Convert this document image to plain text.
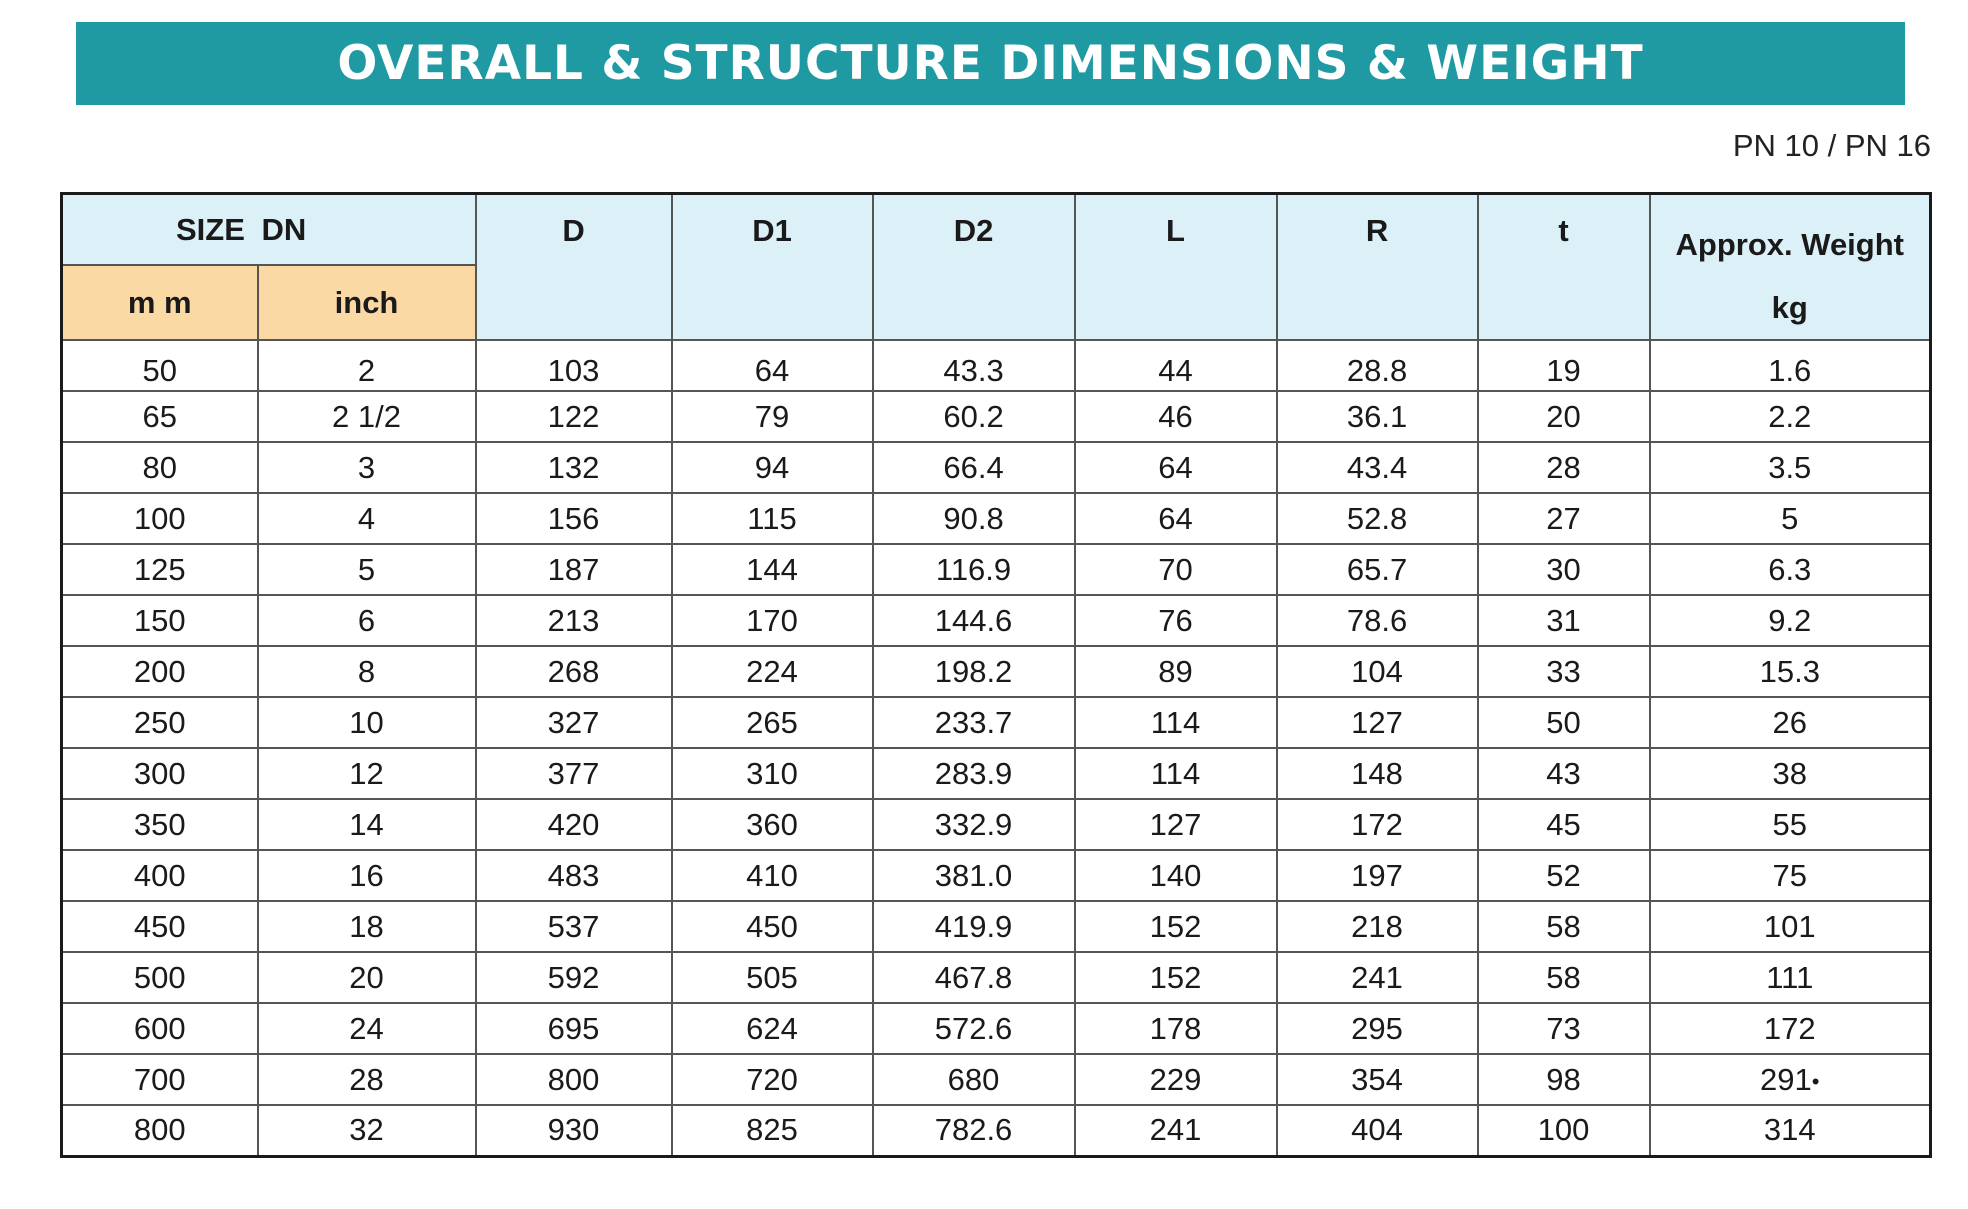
OVERALL & STRUCTURE DIMENSIONS & WEIGHT
PN 10 / PN 16
SIZE DN		D	D1	D2	L	R	t	Approx. Weight
kg

m m	inch							
50	2	103	64	43.3	44	28.8	19	1.6
65	2 1/2	122	79	60.2	46	36.1	20	2.2
80	3	132	94	66.4	64	43.4	28	3.5
100	4	156	115	90.8	64	52.8	27	5
125	5	187	144	116.9	70	65.7	30	6.3
150	6	213	170	144.6	76	78.6	31	9.2
200	8	268	224	198.2	89	104	33	15.3
250	10	327	265	233.7	114	127	50	26
300	12	377	310	283.9	114	148	43	38
350	14	420	360	332.9	127	172	45	55
400	16	483	410	381.0	140	197	52	75
450	18	537	450	419.9	152	218	58	101
500	20	592	505	467.8	152	241	58	111
600	24	695	624	572.6	178	295	73	172
700	28	800	720	680	229	354	98	291•
800	32	930	825	782.6	241	404	100	314
